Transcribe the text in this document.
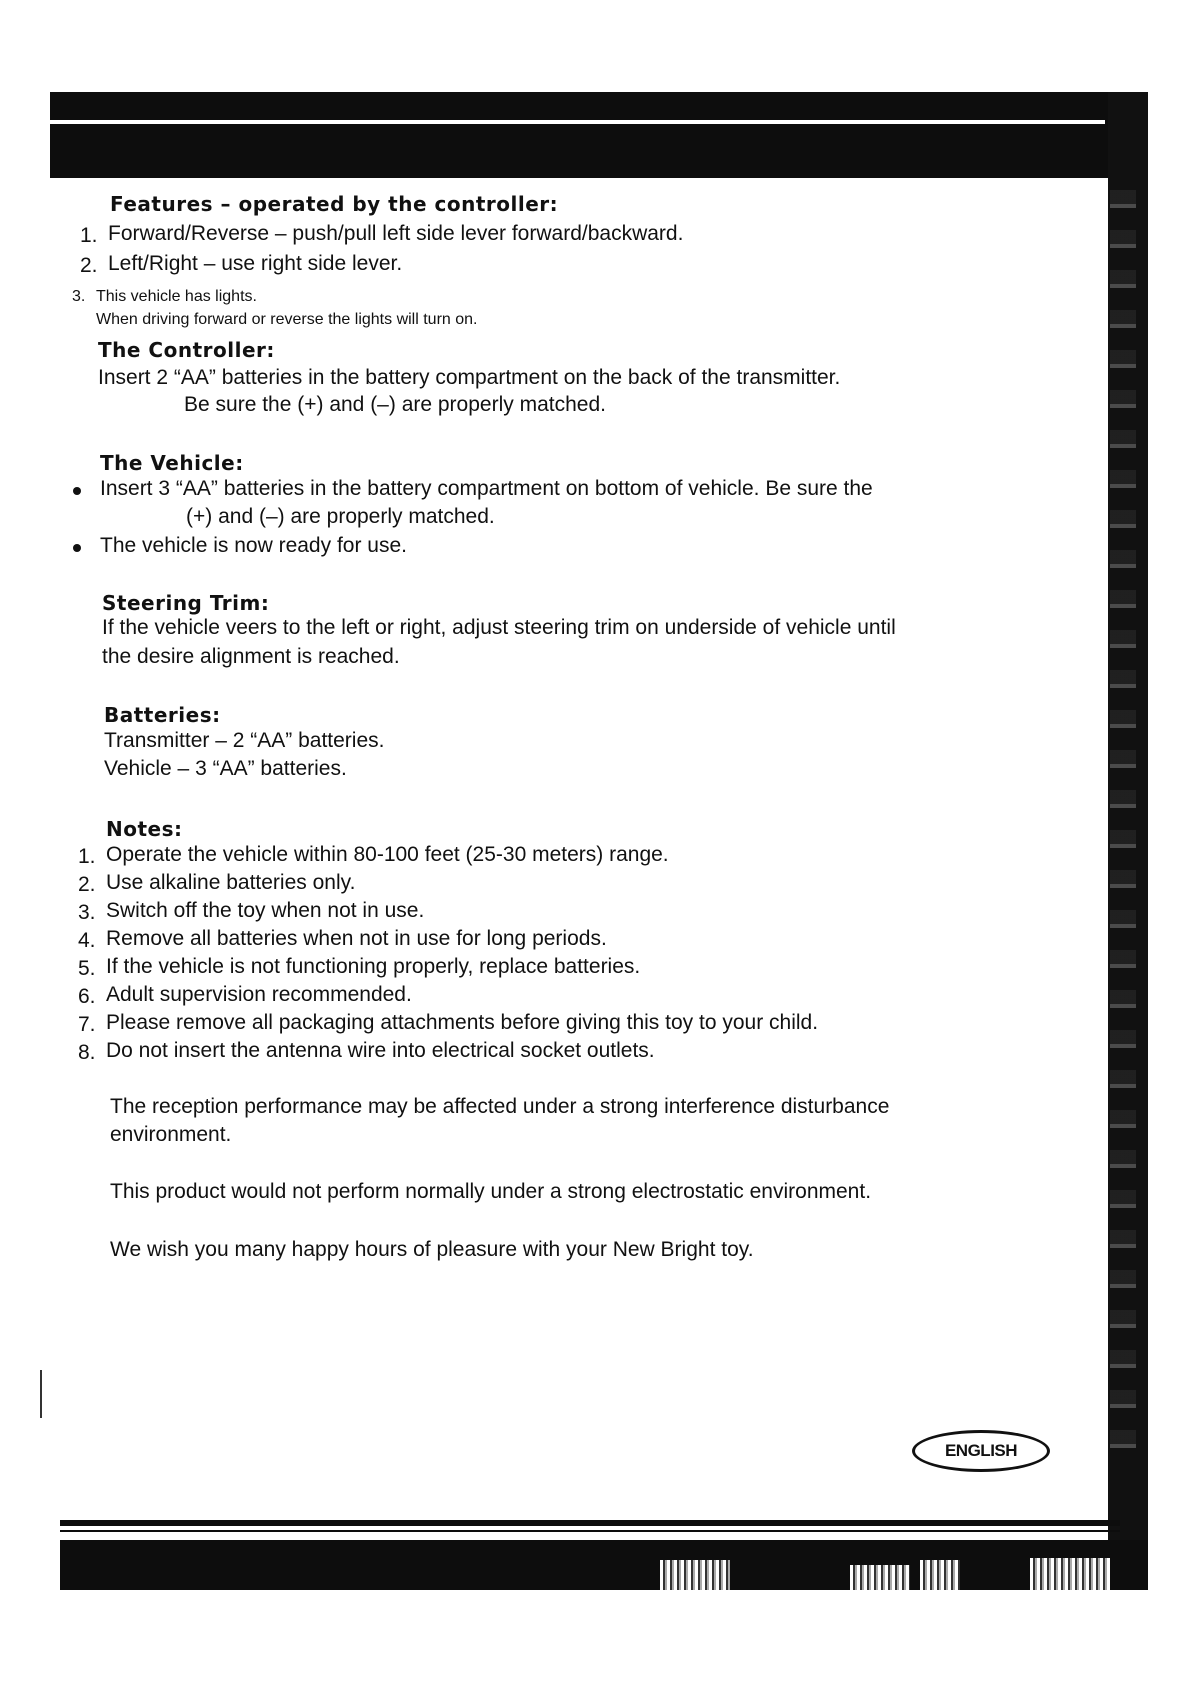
Features – operated by the controller:
1. Forward/Reverse – push/pull left side lever forward/backward.
2. Left/Right – use right side lever.
3. This vehicle has lights.
When driving forward or reverse the lights will turn on.
The Controller:
Insert 2 “AA” batteries in the battery compartment on the back of the transmitter.
Be sure the (+) and (–) are properly matched.
The Vehicle:
Insert 3 “AA” batteries in the battery compartment on bottom of vehicle. Be sure the
(+) and (–) are properly matched.
The vehicle is now ready for use.
Steering Trim:
If the vehicle veers to the left or right, adjust steering trim on underside of vehicle until
the desire alignment is reached.
Batteries:
Transmitter – 2 “AA” batteries.
Vehicle – 3 “AA” batteries.
Notes:
1. Operate the vehicle within 80-100 feet (25-30 meters) range.
2. Use alkaline batteries only.
3. Switch off the toy when not in use.
4. Remove all batteries when not in use for long periods.
5. If the vehicle is not functioning properly, replace batteries.
6. Adult supervision recommended.
7. Please remove all packaging attachments before giving this toy to your child.
8. Do not insert the antenna wire into electrical socket outlets.
The reception performance may be affected under a strong interference disturbance
environment.
This product would not perform normally under a strong electrostatic environment.
We wish you many happy hours of pleasure with your New Bright toy.
ENGLISH
